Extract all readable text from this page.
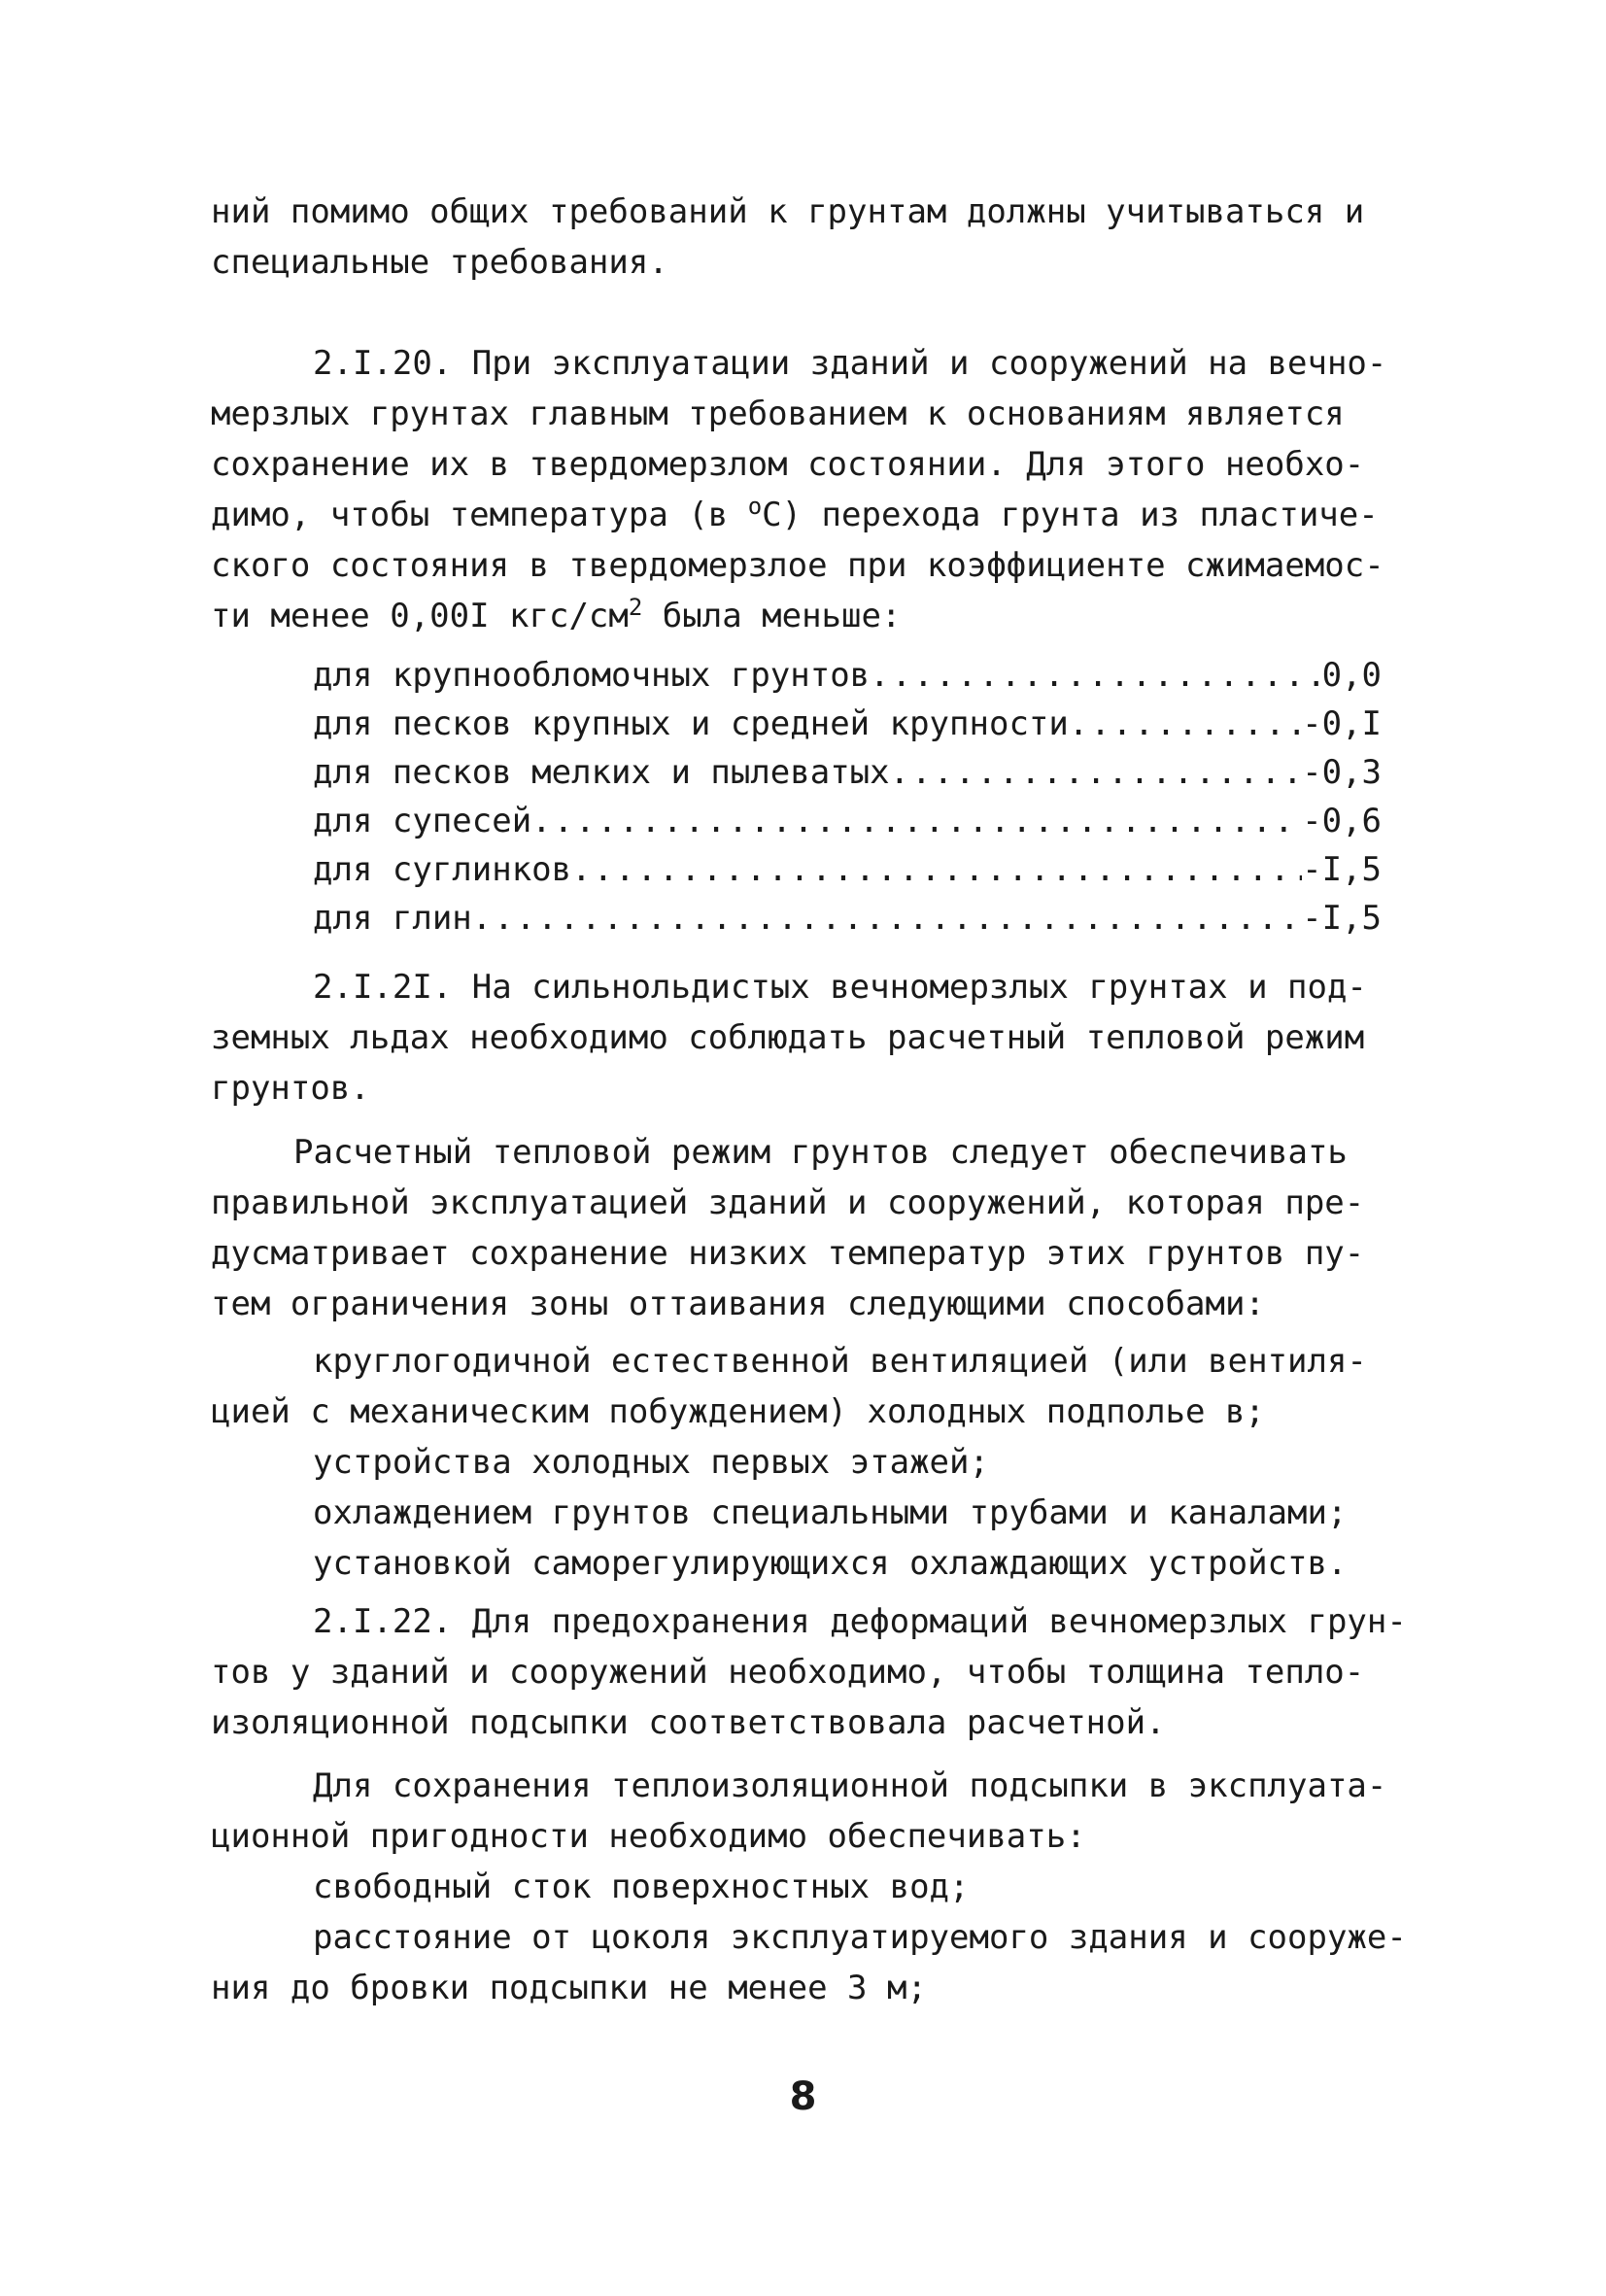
ний помимо общих требований к грунтам должны учитываться и
специальные требования.
2.I.20. При эксплуатации зданий и сооружений на вечно-
мерзлых грунтах главным требованием к основаниям является
сохранение их в твердомерзлом состоянии. Для этого необхо-
димо, чтобы температура (в $^о$С) перехода грунта из пластиче-
ского состояния в твердомерзлое при коэффициенте сжимаемос-
ти менее 0,00I кгс/$см^2$ была меньше:
для крупнообломочных грунтов .....	0,0
для песков крупных и средней крупности .....	-0,I
для песков мелких и пылеватых .....	-0,3
для супесей .....	-0,6
для суглинков .....	-I,5
для глин .....	-I,5
2.I.2I. На сильнольдистых вечномерзлых грунтах и под-
земных льдах необходимо соблюдать расчетный тепловой режим
грунтов.
Расчетный тепловой режим грунтов следует обеспечивать
правильной эксплуатацией зданий и сооружений, которая пре-
дусматривает сохранение низких температур этих грунтов пу-
тем ограничения зоны оттаивания следующими способами:
круглогодичной естественной вентиляцией (или вентиля-
цией с механическим побуждением) холодных подполье в;
устройства холодных первых этажей;
охлаждением грунтов специальными трубами и каналами;
установкой саморегулирующихся охлаждающих устройств.
2.I.22. Для предохранения деформаций вечномерзлых грун-
тов у зданий и сооружений необходимо, чтобы толщина тепло-
изоляционной подсыпки соответствовала расчетной.
Для сохранения теплоизоляционной подсыпки в эксплуата-
ционной пригодности необходимо обеспечивать:
свободный сток поверхностных вод;
расстояние от цоколя эксплуатируемого здания и сооруже-
ния до бровки подсыпки не менее 3 м;
8
